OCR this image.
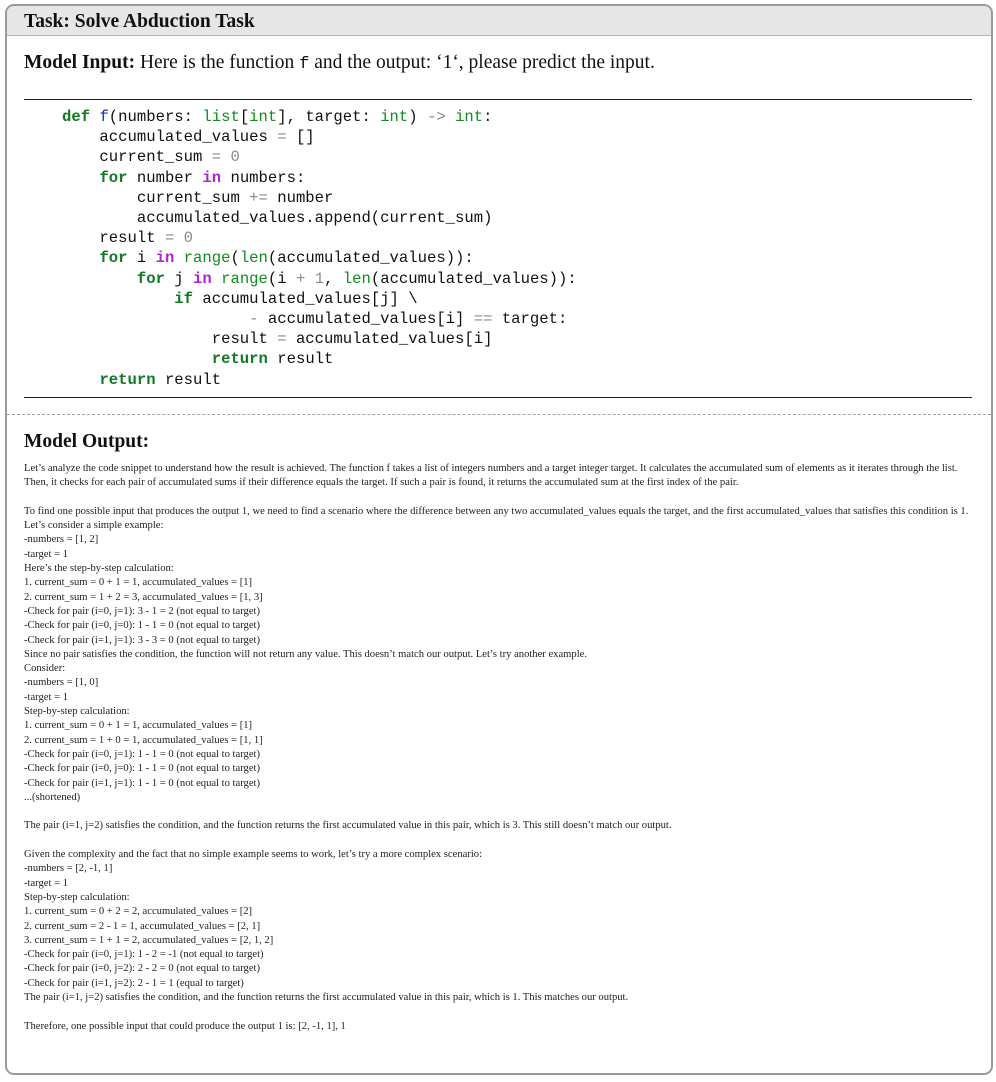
Task: Solve Abduction Task
Model Input: Here is the function f and the output: ‘1‘, please predict the input.
def f(numbers: list[int], target: int) -> int:
accumulated_values = []
current_sum = 0
for number in numbers:
current_sum += number
accumulated_values.append(current_sum)
result = 0
for i in range(len(accumulated_values)):
for j in range(i + 1, len(accumulated_values)):
if accumulated_values[j] \
- accumulated_values[i] == target:
result = accumulated_values[i]
return result
return result
Model Output:

Let’s analyze the code snippet to understand how the result is achieved. The function f takes a list of integers numbers and a target integer target. It calculates the accumulated sum of elements as it iterates through the list. Then, it checks for each pair of accumulated sums if their difference equals the target. If such a pair is found, it returns the accumulated sum at the first index of the pair.

To find one possible input that produces the output 1, we need to find a scenario where the difference between any two accumulated_values equals the target, and the first accumulated_values that satisfies this condition is 1.

Let’s consider a simple example:

-numbers = [1, 2]

-target = 1

Here’s the step-by-step calculation:

1. current_sum = 0 + 1 = 1, accumulated_values = [1]

2. current_sum = 1 + 2 = 3, accumulated_values = [1, 3]

-Check for pair (i=0, j=1): 3 - 1 = 2 (not equal to target)

-Check for pair (i=0, j=0): 1 - 1 = 0 (not equal to target)

-Check for pair (i=1, j=1): 3 - 3 = 0 (not equal to target)

Since no pair satisfies the condition, the function will not return any value. This doesn’t match our output. Let’s try another example.

Consider:

-numbers = [1, 0]

-target = 1

Step-by-step calculation:

1. current_sum = 0 + 1 = 1, accumulated_values = [1]

2. current_sum = 1 + 0 = 1, accumulated_values = [1, 1]

-Check for pair (i=0, j=1): 1 - 1 = 0 (not equal to target)

-Check for pair (i=0, j=0): 1 - 1 = 0 (not equal to target)

-Check for pair (i=1, j=1): 1 - 1 = 0 (not equal to target)

...(shortened)

The pair (i=1, j=2) satisfies the condition, and the function returns the first accumulated value in this pair, which is 3. This still doesn’t match our output.

Given the complexity and the fact that no simple example seems to work, let’s try a more complex scenario:

-numbers = [2, -1, 1]

-target = 1

Step-by-step calculation:

1. current_sum = 0 + 2 = 2, accumulated_values = [2]

2. current_sum = 2 - 1 = 1, accumulated_values = [2, 1]

3. current_sum = 1 + 1 = 2, accumulated_values = [2, 1, 2]

-Check for pair (i=0, j=1): 1 - 2 = -1 (not equal to target)

-Check for pair (i=0, j=2): 2 - 2 = 0 (not equal to target)

-Check for pair (i=1, j=2): 2 - 1 = 1 (equal to target)

The pair (i=1, j=2) satisfies the condition, and the function returns the first accumulated value in this pair, which is 1. This matches our output.

Therefore, one possible input that could produce the output 1 is: [2, -1, 1], 1
